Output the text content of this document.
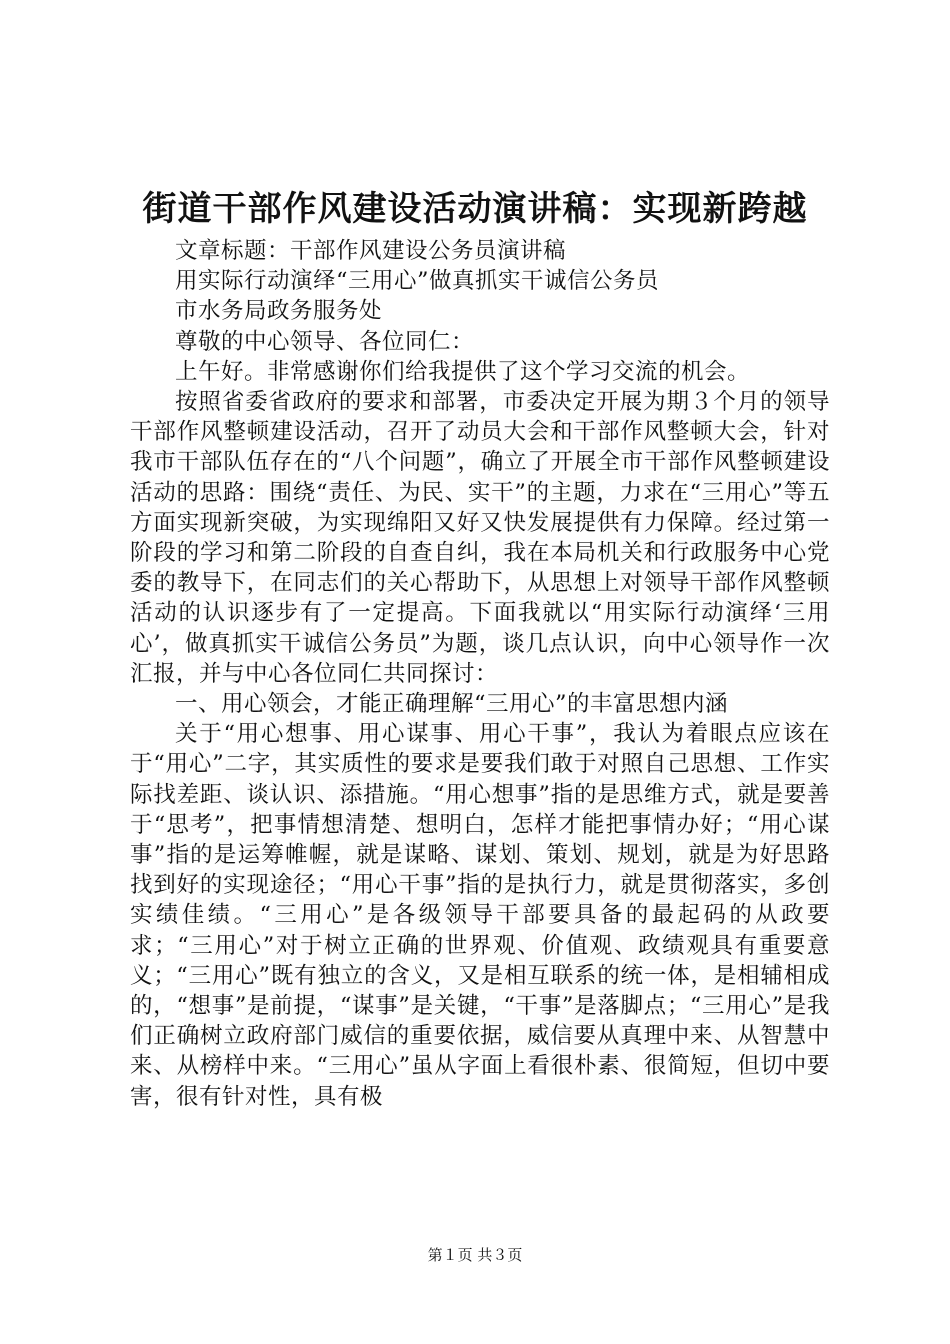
街道干部作风建设活动演讲稿：实现新跨越

文章标题：干部作风建设公务员演讲稿

用实际行动演绎“三用心”做真抓实干诚信公务员

市水务局政务服务处

尊敬的中心领导、各位同仁：

上午好。非常感谢你们给我提供了这个学习交流的机会。

按照省委省政府的要求和部署，市委决定开展为期３个月的领导干部作风整顿建设活动，召开了动员大会和干部作风整顿大会，针对我市干部队伍存在的“八个问题”，确立了开展全市干部作风整顿建设活动的思路：围绕“责任、为民、实干”的主题，力求在“三用心”等五方面实现新突破，为实现绵阳又好又快发展提供有力保障。经过第一阶段的学习和第二阶段的自查自纠，我在本局机关和行政服务中心党委的教导下，在同志们的关心帮助下，从思想上对领导干部作风整顿活动的认识逐步有了一定提高。下面我就以“用实际行动演绎‘三用心’，做真抓实干诚信公务员”为题，谈几点认识，向中心领导作一次汇报，并与中心各位同仁共同探讨：

一、用心领会，才能正确理解“三用心”的丰富思想内涵

关于“用心想事、用心谋事、用心干事”，我认为着眼点应该在于“用心”二字，其实质性的要求是要我们敢于对照自己思想、工作实际找差距、谈认识、添措施。“用心想事”指的是思维方式，就是要善于“思考”，把事情想清楚、想明白，怎样才能把事情办好；“用心谋事”指的是运筹帷幄，就是谋略、谋划、策划、规划，就是为好思路找到好的实现途径；“用心干事”指的是执行力，就是贯彻落实，多创实绩佳绩。“三用心”是各级领导干部要具备的最起码的从政要求；“三用心”对于树立正确的世界观、价值观、政绩观具有重要意义；“三用心”既有独立的含义，又是相互联系的统一体，是相辅相成的，“想事”是前提，“谋事”是关键，“干事”是落脚点；“三用心”是我们正确树立政府部门威信的重要依据，威信要从真理中来、从智慧中来、从榜样中来。“三用心”虽从字面上看很朴素、很简短，但切中要害，很有针对性，具有极

第１页 共３页
